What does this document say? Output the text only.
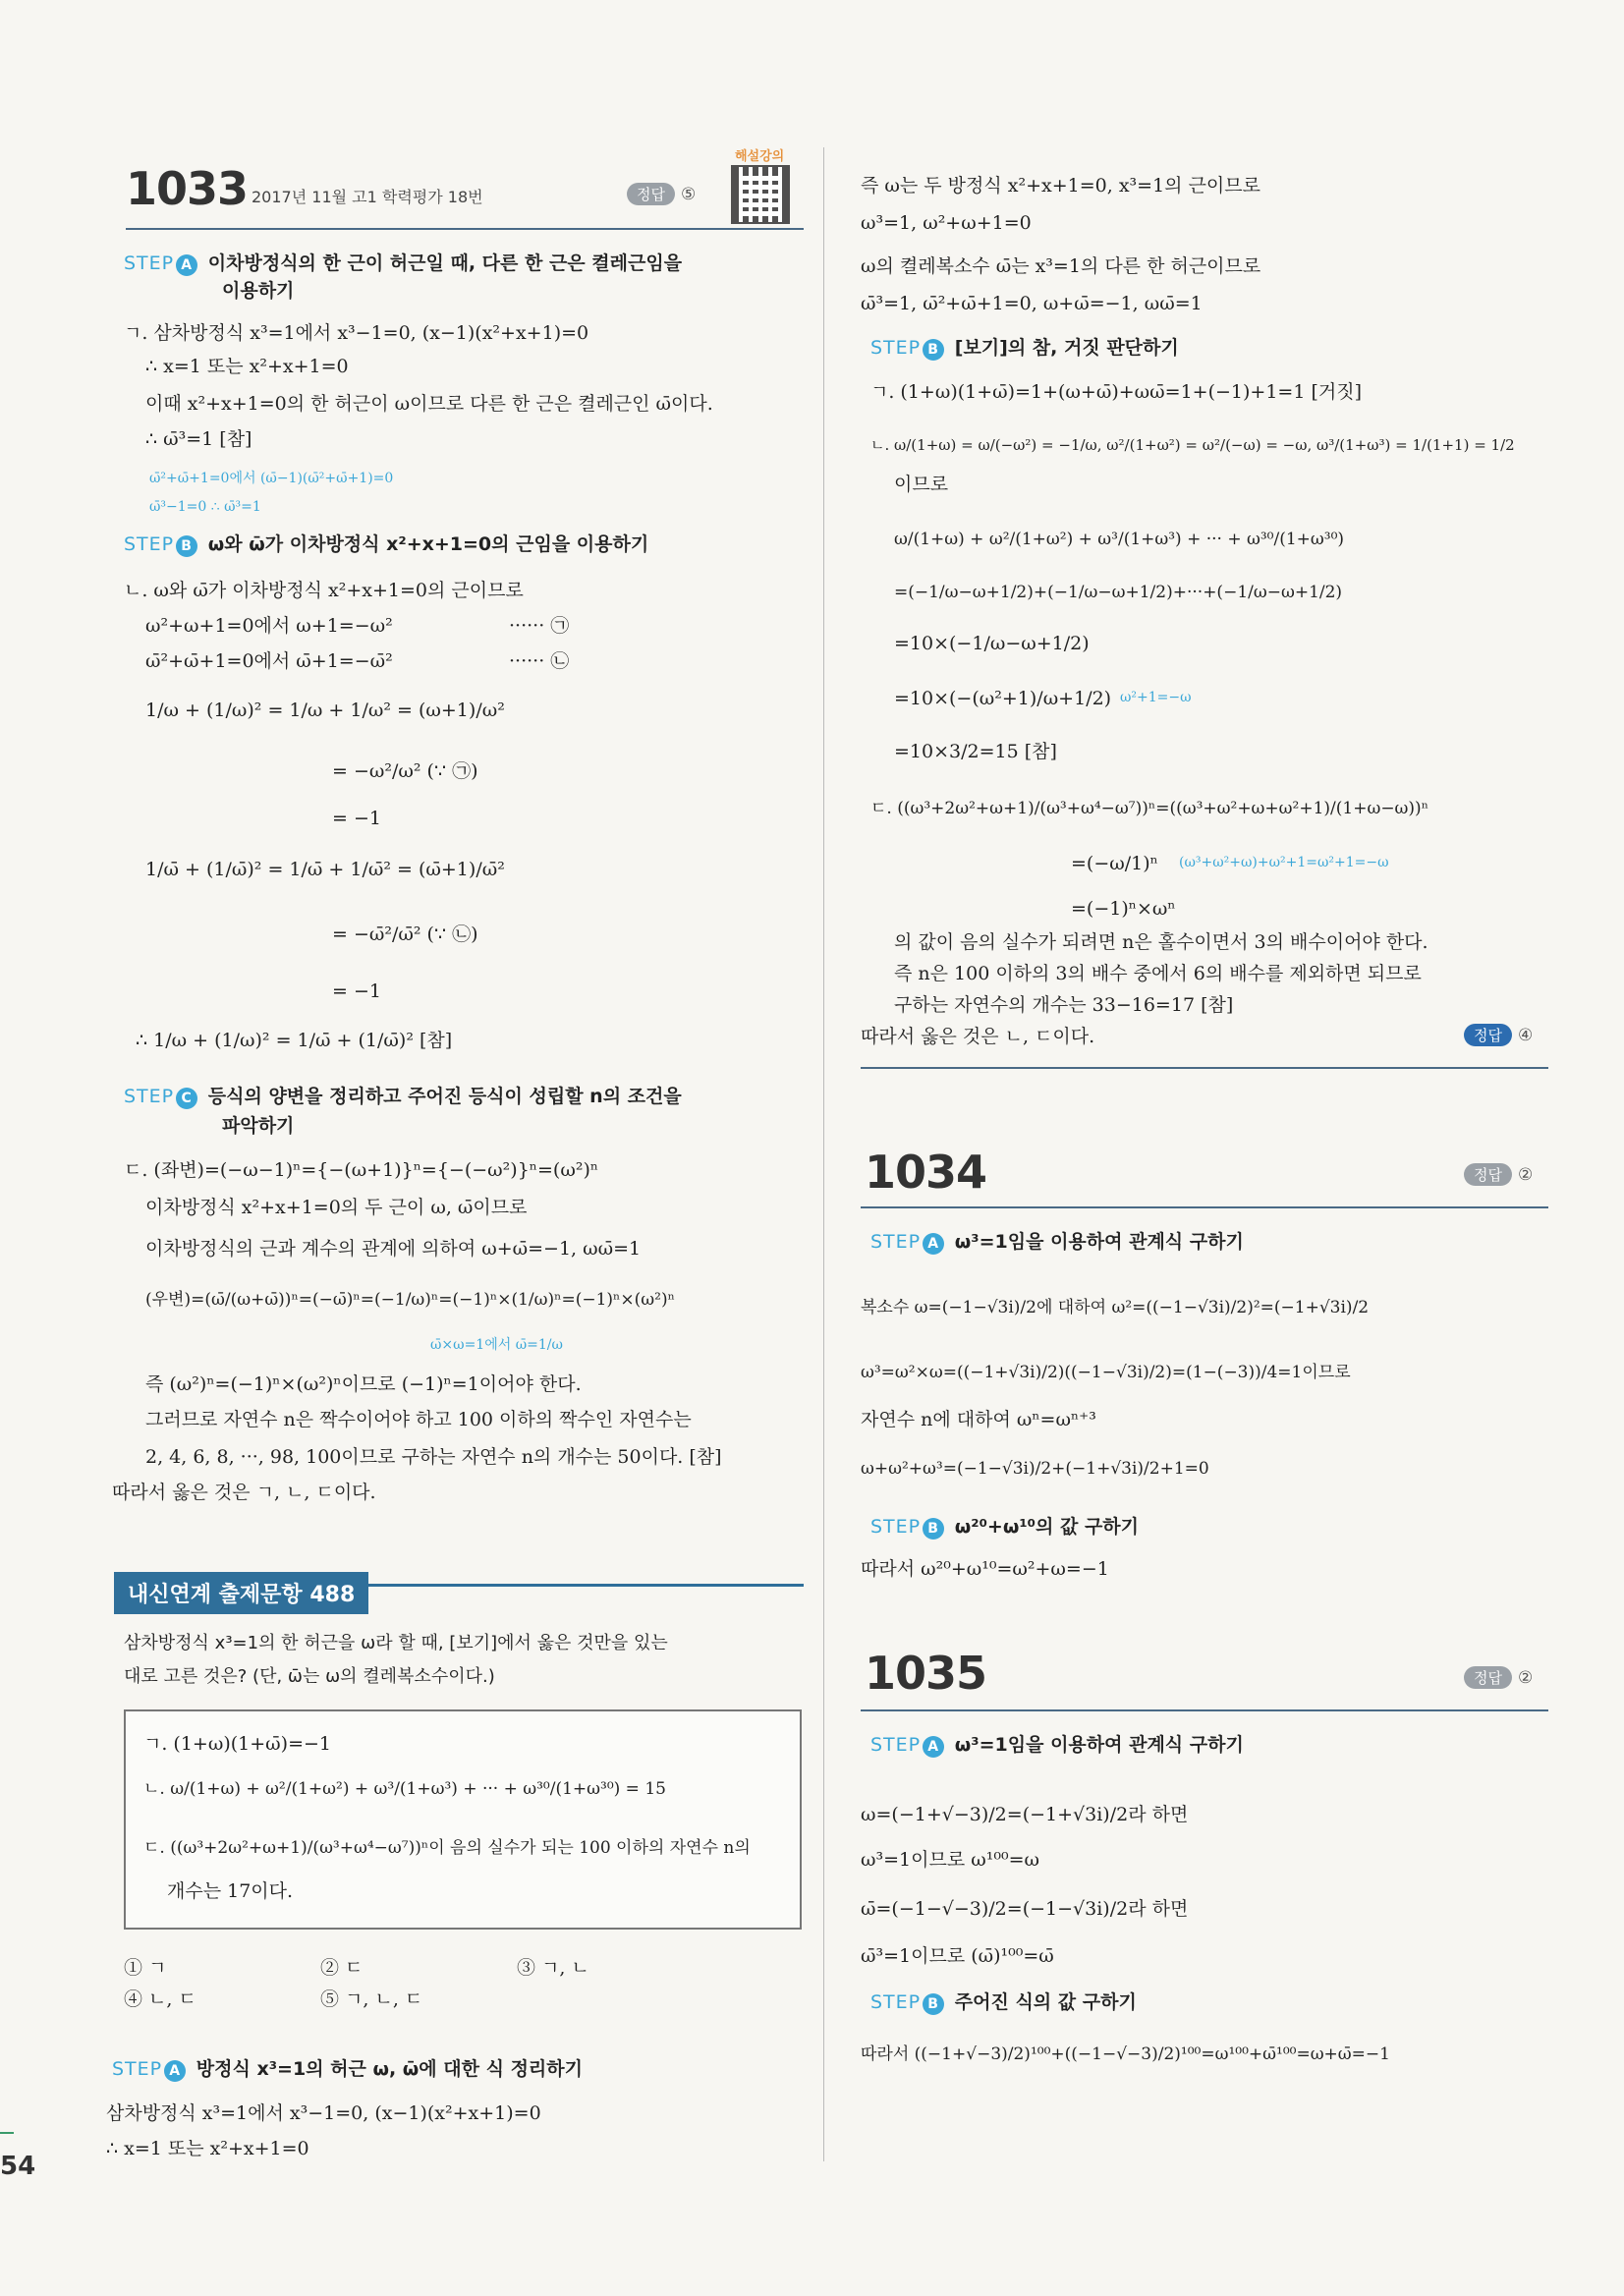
1033 2017년 11월 고1 학력평가 18번	정답 ⑤
해설강의
STEP A 이차방정식의 한 근이 허근일 때, 다른 한 근은 켤레근임을
이용하기
ㄱ. 삼차방정식 x³=1에서 x³−1=0, (x−1)(x²+x+1)=0
∴ x=1 또는 x²+x+1=0
이때 x²+x+1=0의 한 허근이 ω이므로 다른 한 근은 켤레근인 ω̄이다.
∴ ω̄³=1 [참]
ω̄²+ω̄+1=0에서 (ω̄−1)(ω̄²+ω̄+1)=0
ω̄³−1=0 ∴ ω̄³=1
STEP B ω와 ω̄가 이차방정식 x²+x+1=0의 근임을 이용하기
ㄴ. ω와 ω̄가 이차방정식 x²+x+1=0의 근이므로
ω²+ω+1=0에서 ω+1=−ω²	······ ㉠
ω̄²+ω̄+1=0에서 ω̄+1=−ω̄²	······ ㉡
1/ω + (1/ω)² = 1/ω + 1/ω² = (ω+1)/ω²
= −ω²/ω² (∵ ㉠)
= −1
1/ω̄ + (1/ω̄)² = 1/ω̄ + 1/ω̄² = (ω̄+1)/ω̄²
= −ω̄²/ω̄² (∵ ㉡)
= −1
∴ 1/ω + (1/ω)² = 1/ω̄ + (1/ω̄)² [참]
STEP C 등식의 양변을 정리하고 주어진 등식이 성립할 n의 조건을
파악하기
ㄷ. (좌변)=(−ω−1)ⁿ={−(ω+1)}ⁿ={−(−ω²)}ⁿ=(ω²)ⁿ
이차방정식 x²+x+1=0의 두 근이 ω, ω̄이므로
이차방정식의 근과 계수의 관계에 의하여 ω+ω̄=−1, ωω̄=1
(우변)=(ω̄/(ω+ω̄))ⁿ=(−ω̄)ⁿ=(−1/ω)ⁿ=(−1)ⁿ×(1/ω)ⁿ=(−1)ⁿ×(ω²)ⁿ
ω̄×ω=1에서 ω̄=1/ω
즉 (ω²)ⁿ=(−1)ⁿ×(ω²)ⁿ이므로 (−1)ⁿ=1이어야 한다.
그러므로 자연수 n은 짝수이어야 하고 100 이하의 짝수인 자연수는
2, 4, 6, 8, ···, 98, 100이므로 구하는 자연수 n의 개수는 50이다. [참]
따라서 옳은 것은 ㄱ, ㄴ, ㄷ이다.
내신연계 출제문항 488
삼차방정식 x³=1의 한 허근을 ω라 할 때, [보기]에서 옳은 것만을 있는
대로 고른 것은? (단, ω̄는 ω의 켤레복소수이다.)
ㄱ. (1+ω)(1+ω̄)=−1
ㄴ. ω/(1+ω) + ω²/(1+ω²) + ω³/(1+ω³) + ··· + ω³⁰/(1+ω³⁰) = 15
ㄷ. ((ω³+2ω²+ω+1)/(ω³+ω⁴−ω⁷))ⁿ이 음의 실수가 되는 100 이하의 자연수 n의
개수는 17이다.
① ㄱ	② ㄷ	③ ㄱ, ㄴ
④ ㄴ, ㄷ	⑤ ㄱ, ㄴ, ㄷ
STEP A 방정식 x³=1의 허근 ω, ω̄에 대한 식 정리하기
삼차방정식 x³=1에서 x³−1=0, (x−1)(x²+x+1)=0
∴ x=1 또는 x²+x+1=0
즉 ω는 두 방정식 x²+x+1=0, x³=1의 근이므로
ω³=1, ω²+ω+1=0
ω의 켤레복소수 ω̄는 x³=1의 다른 한 허근이므로
ω̄³=1, ω̄²+ω̄+1=0, ω+ω̄=−1, ωω̄=1
STEP B [보기]의 참, 거짓 판단하기
ㄱ. (1+ω)(1+ω̄)=1+(ω+ω̄)+ωω̄=1+(−1)+1=1 [거짓]
ㄴ. ω/(1+ω) = ω/(−ω²) = −1/ω, ω²/(1+ω²) = ω²/(−ω) = −ω, ω³/(1+ω³) = 1/(1+1) = 1/2
이므로
ω/(1+ω) + ω²/(1+ω²) + ω³/(1+ω³) + ··· + ω³⁰/(1+ω³⁰)
=(−1/ω−ω+1/2)+(−1/ω−ω+1/2)+···+(−1/ω−ω+1/2)
=10×(−1/ω−ω+1/2)
=10×(−(ω²+1)/ω+1/2) ω²+1=−ω
=10×3/2=15 [참]
ㄷ. ((ω³+2ω²+ω+1)/(ω³+ω⁴−ω⁷))ⁿ=((ω³+ω²+ω+ω²+1)/(1+ω−ω))ⁿ
=(−ω/1)ⁿ (ω³+ω²+ω)+ω²+1=ω²+1=−ω
=(−1)ⁿ×ωⁿ
의 값이 음의 실수가 되려면 n은 홀수이면서 3의 배수이어야 한다.
즉 n은 100 이하의 3의 배수 중에서 6의 배수를 제외하면 되므로
구하는 자연수의 개수는 33−16=17 [참]
따라서 옳은 것은 ㄴ, ㄷ이다.	정답 ④
1034	정답 ②
STEP A ω³=1임을 이용하여 관계식 구하기
복소수 ω=(−1−√3i)/2에 대하여 ω²=((−1−√3i)/2)²=(−1+√3i)/2
ω³=ω²×ω=((−1+√3i)/2)((−1−√3i)/2)=(1−(−3))/4=1이므로
자연수 n에 대하여 ωⁿ=ωⁿ⁺³
ω+ω²+ω³=(−1−√3i)/2+(−1+√3i)/2+1=0
STEP B ω²⁰+ω¹⁰의 값 구하기
따라서 ω²⁰+ω¹⁰=ω²+ω=−1
1035	정답 ②
STEP A ω³=1임을 이용하여 관계식 구하기
ω=(−1+√−3)/2=(−1+√3i)/2라 하면
ω³=1이므로 ω¹⁰⁰=ω
ω̄=(−1−√−3)/2=(−1−√3i)/2라 하면
ω̄³=1이므로 (ω̄)¹⁰⁰=ω̄
STEP B 주어진 식의 값 구하기
따라서 ((−1+√−3)/2)¹⁰⁰+((−1−√−3)/2)¹⁰⁰=ω¹⁰⁰+ω̄¹⁰⁰=ω+ω̄=−1
54
